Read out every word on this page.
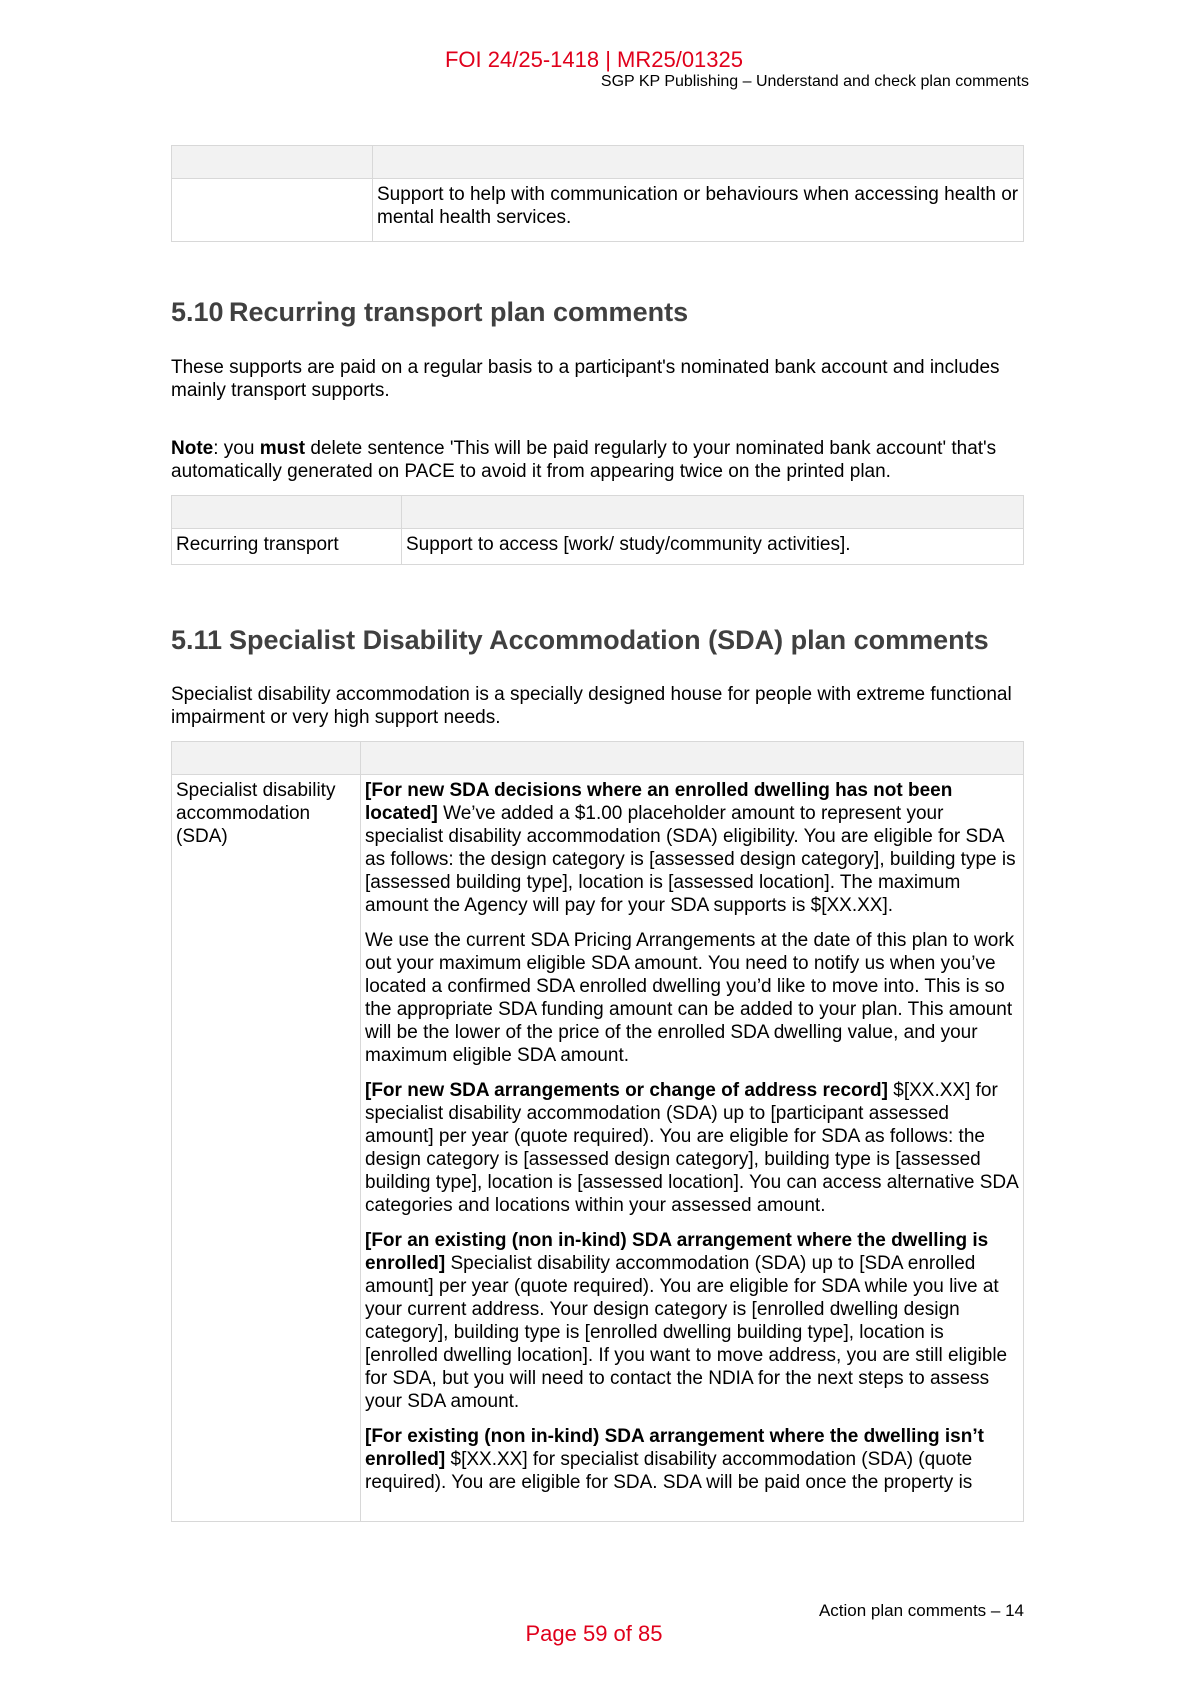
FOI 24/25-1418 | MR25/01325
SGP KP Publishing – Understand and check plan comments

	Support to help with communication or behaviours when accessing health or mental health services.
5.10 Recurring transport plan comments
These supports are paid on a regular basis to a participant's nominated bank account and includes mainly transport supports.
Note: you must delete sentence 'This will be paid regularly to your nominated bank account' that's automatically generated on PACE to avoid it from appearing twice on the printed plan.

Recurring transport	Support to access [work/ study/community activities].
5.11 Specialist Disability Accommodation (SDA) plan comments
Specialist disability accommodation is a specially designed house for people with extreme functional impairment or very high support needs.

Specialist disability accommodation (SDA)	[For new SDA decisions where an enrolled dwelling has not been located] We’ve added a $1.00 placeholder amount to represent your specialist disability accommodation (SDA) eligibility. You are eligible for SDA as follows: the design category is [assessed design category], building type is [assessed building type], location is [assessed location]. The maximum amount the Agency will pay for your SDA supports is $[XX.XX].

We use the current SDA Pricing Arrangements at the date of this plan to work out your maximum eligible SDA amount. You need to notify us when you’ve located a confirmed SDA enrolled dwelling you’d like to move into. This is so the appropriate SDA funding amount can be added to your plan. This amount will be the lower of the price of the enrolled SDA dwelling value, and your maximum eligible SDA amount.

[For new SDA arrangements or change of address record] $[XX.XX] for specialist disability accommodation (SDA) up to [participant assessed amount] per year (quote required). You are eligible for SDA as follows: the design category is [assessed design category], building type is [assessed building type], location is [assessed location]. You can access alternative SDA categories and locations within your assessed amount.

[For an existing (non in-kind) SDA arrangement where the dwelling is enrolled] Specialist disability accommodation (SDA) up to [SDA enrolled amount] per year (quote required). You are eligible for SDA while you live at your current address. Your design category is [enrolled dwelling design category], building type is [enrolled dwelling building type], location is [enrolled dwelling location]. If you want to move address, you are still eligible for SDA, but you will need to contact the NDIA for the next steps to assess your SDA amount.

[For existing (non in-kind) SDA arrangement where the dwelling isn’t enrolled] $[XX.XX] for specialist disability accommodation (SDA) (quote required). You are eligible for SDA. SDA will be paid once the property is

Action plan comments – 14
Page 59 of 85
